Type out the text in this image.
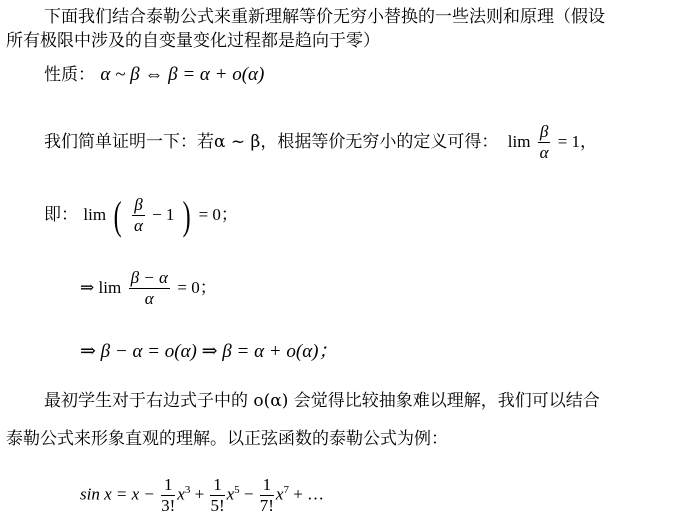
下面我们结合泰勒公式来重新理解等价无穷小替换的一些法则和原理（假设
所有极限中涉及的自变量变化过程都是趋向于零）
性质： α ~ β ⇔ β = α + o(α)
我们简单证明一下：若α ~ β，根据等价无穷小的定义可得： $\lim \frac{\beta}{\alpha} = 1$，
即： lim ( $\frac{\beta}{\alpha} - 1$ ) = 0；
⇒ $\lim \frac{\beta - \alpha}{\alpha} = 0$；
⇒ β − α = o(α) ⇒ β = α + o(α)；
最初学生对于右边式子中的 o(α) 会觉得比较抽象难以理解，我们可以结合
泰勒公式来形象直观的理解。以正弦函数的泰勒公式为例：
$\sin x = x - \frac{1}{3!} x^3 + \frac{1}{5!} x^5 - \frac{1}{7!} x^7$ + …
